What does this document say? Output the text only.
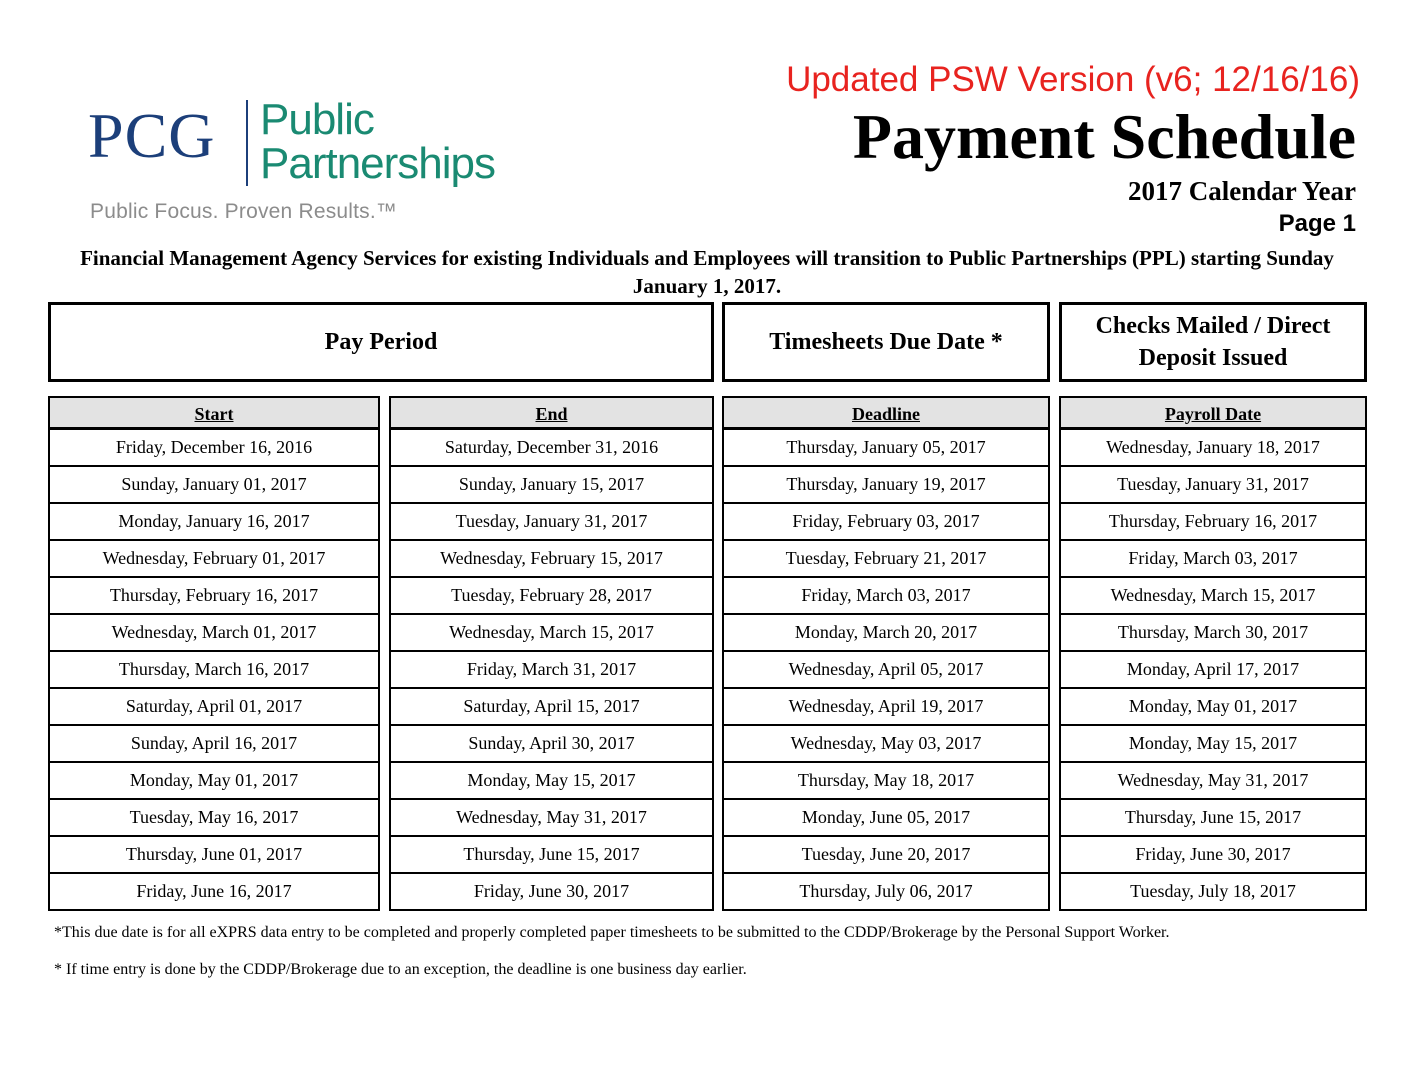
PCG Public
Partnerships
Public Focus. Proven Results.™
Updated PSW Version (v6; 12/16/16)
Payment Schedule
2017 Calendar Year
Page 1
Financial Management Agency Services for existing Individuals and Employees will transition to Public Partnerships (PPL) starting Sunday January 1, 2017.
Pay Period	Timesheets Due Date *
Checks Mailed / Direct Deposit Issued
Start
Friday, December 16, 2016
Sunday, January 01, 2017
Monday, January 16, 2017
Wednesday, February 01, 2017
Thursday, February 16, 2017
Wednesday, March 01, 2017
Thursday, March 16, 2017
Saturday, April 01, 2017
Sunday, April 16, 2017
Monday, May 01, 2017
Tuesday, May 16, 2017
Thursday, June 01, 2017
Friday, June 16, 2017
End
Saturday, December 31, 2016
Sunday, January 15, 2017
Tuesday, January 31, 2017
Wednesday, February 15, 2017
Tuesday, February 28, 2017
Wednesday, March 15, 2017
Friday, March 31, 2017
Saturday, April 15, 2017
Sunday, April 30, 2017
Monday, May 15, 2017
Wednesday, May 31, 2017
Thursday, June 15, 2017
Friday, June 30, 2017
Deadline
Thursday, January 05, 2017
Thursday, January 19, 2017
Friday, February 03, 2017
Tuesday, February 21, 2017
Friday, March 03, 2017
Monday, March 20, 2017
Wednesday, April 05, 2017
Wednesday, April 19, 2017
Wednesday, May 03, 2017
Thursday, May 18, 2017
Monday, June 05, 2017
Tuesday, June 20, 2017
Thursday, July 06, 2017
Payroll Date
Wednesday, January 18, 2017
Tuesday, January 31, 2017
Thursday, February 16, 2017
Friday, March 03, 2017
Wednesday, March 15, 2017
Thursday, March 30, 2017
Monday, April 17, 2017
Monday, May 01, 2017
Monday, May 15, 2017
Wednesday, May 31, 2017
Thursday, June 15, 2017
Friday, June 30, 2017
Tuesday, July 18, 2017
*This due date is for all eXPRS data entry to be completed and properly completed paper timesheets to be submitted to the CDDP/Brokerage by the Personal Support Worker.
* If time entry is done by the CDDP/Brokerage due to an exception, the deadline is one business day earlier.
